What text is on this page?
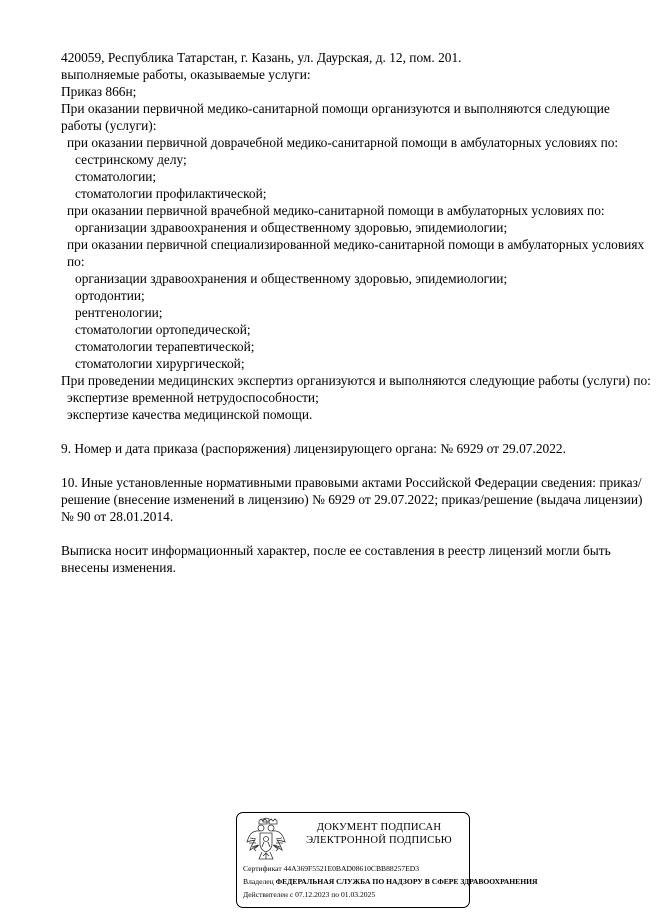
420059, Республика Татарстан, г. Казань, ул. Даурская, д. 12, пом. 201.

выполняемые работы, оказываемые услуги:

Приказ 866н;

При оказании первичной медико-санитарной помощи организуются и выполняются следующие работы (услуги):

при оказании первичной доврачебной медико-санитарной помощи в амбулаторных условиях по:

сестринскому делу;

стоматологии;

стоматологии профилактической;

при оказании первичной врачебной медико-санитарной помощи в амбулаторных условиях по:

организации здравоохранения и общественному здоровью, эпидемиологии;

при оказании первичной специализированной медико-санитарной помощи в амбулаторных условиях по:

организации здравоохранения и общественному здоровью, эпидемиологии;

ортодонтии;

рентгенологии;

стоматологии ортопедической;

стоматологии терапевтической;

стоматологии хирургической;

При проведении медицинских экспертиз организуются и выполняются следующие работы (услуги) по:

экспертизе временной нетрудоспособности;

экспертизе качества медицинской помощи.

9. Номер и дата приказа (распоряжения) лицензирующего органа: № 6929 от 29.07.2022.

10. Иные установленные нормативными правовыми актами Российской Федерации сведения: приказ/решение (внесение изменений в лицензию) № 6929 от 29.07.2022; приказ/решение (выдача лицензии) № 90 от 28.01.2014.

Выписка носит информационный характер, после ее составления в реестр лицензий могли быть внесены изменения.

ДОКУМЕНТ ПОДПИСАН
ЭЛЕКТРОННОЙ ПОДПИСЬЮ
Сертификат 44A369F5521E0BAD08610CBB88257ED3
Владелец ФЕДЕРАЛЬНАЯ СЛУЖБА ПО НАДЗОРУ В СФЕРЕ ЗДРАВООХРАНЕНИЯ
Действителен с 07.12.2023 по 01.03.2025
